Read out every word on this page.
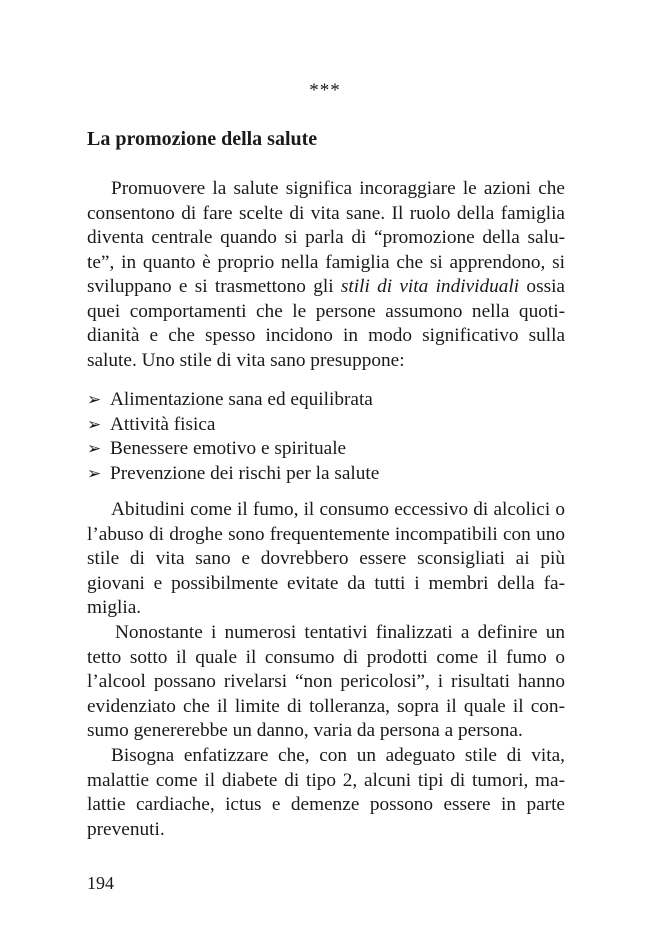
***
La promozione della salute

Promuovere la salute significa incoraggiare le azioni che consentono di fare scelte di vita sane. Il ruolo della famiglia diventa centrale quando si parla di “promozione della salu-te”, in quanto è proprio nella famiglia che si apprendono, si sviluppano e si trasmettono gli stili di vita individuali ossia quei comportamenti che le persone assumono nella quoti-dianità e che spesso incidono in modo significativo sulla salute. Uno stile di vita sano presuppone:

➢ Alimentazione sana ed equilibrata
➢ Attività fisica
➢ Benessere emotivo e spirituale
➢ Prevenzione dei rischi per la salute

Abitudini come il fumo, il consumo eccessivo di alcolici o l’abuso di droghe sono frequentemente incompatibili con uno stile di vita sano e dovrebbero essere sconsigliati ai più giovani e possibilmente evitate da tutti i membri della fa-miglia.

Nonostante i numerosi tentativi finalizzati a definire un tetto sotto il quale il consumo di prodotti come il fumo o l’alcool possano rivelarsi “non pericolosi”, i risultati hanno evidenziato che il limite di tolleranza, sopra il quale il con-sumo genererebbe un danno, varia da persona a persona.

Bisogna enfatizzare che, con un adeguato stile di vita, malattie come il diabete di tipo 2, alcuni tipi di tumori, ma-lattie cardiache, ictus e demenze possono essere in parte prevenuti.

194
